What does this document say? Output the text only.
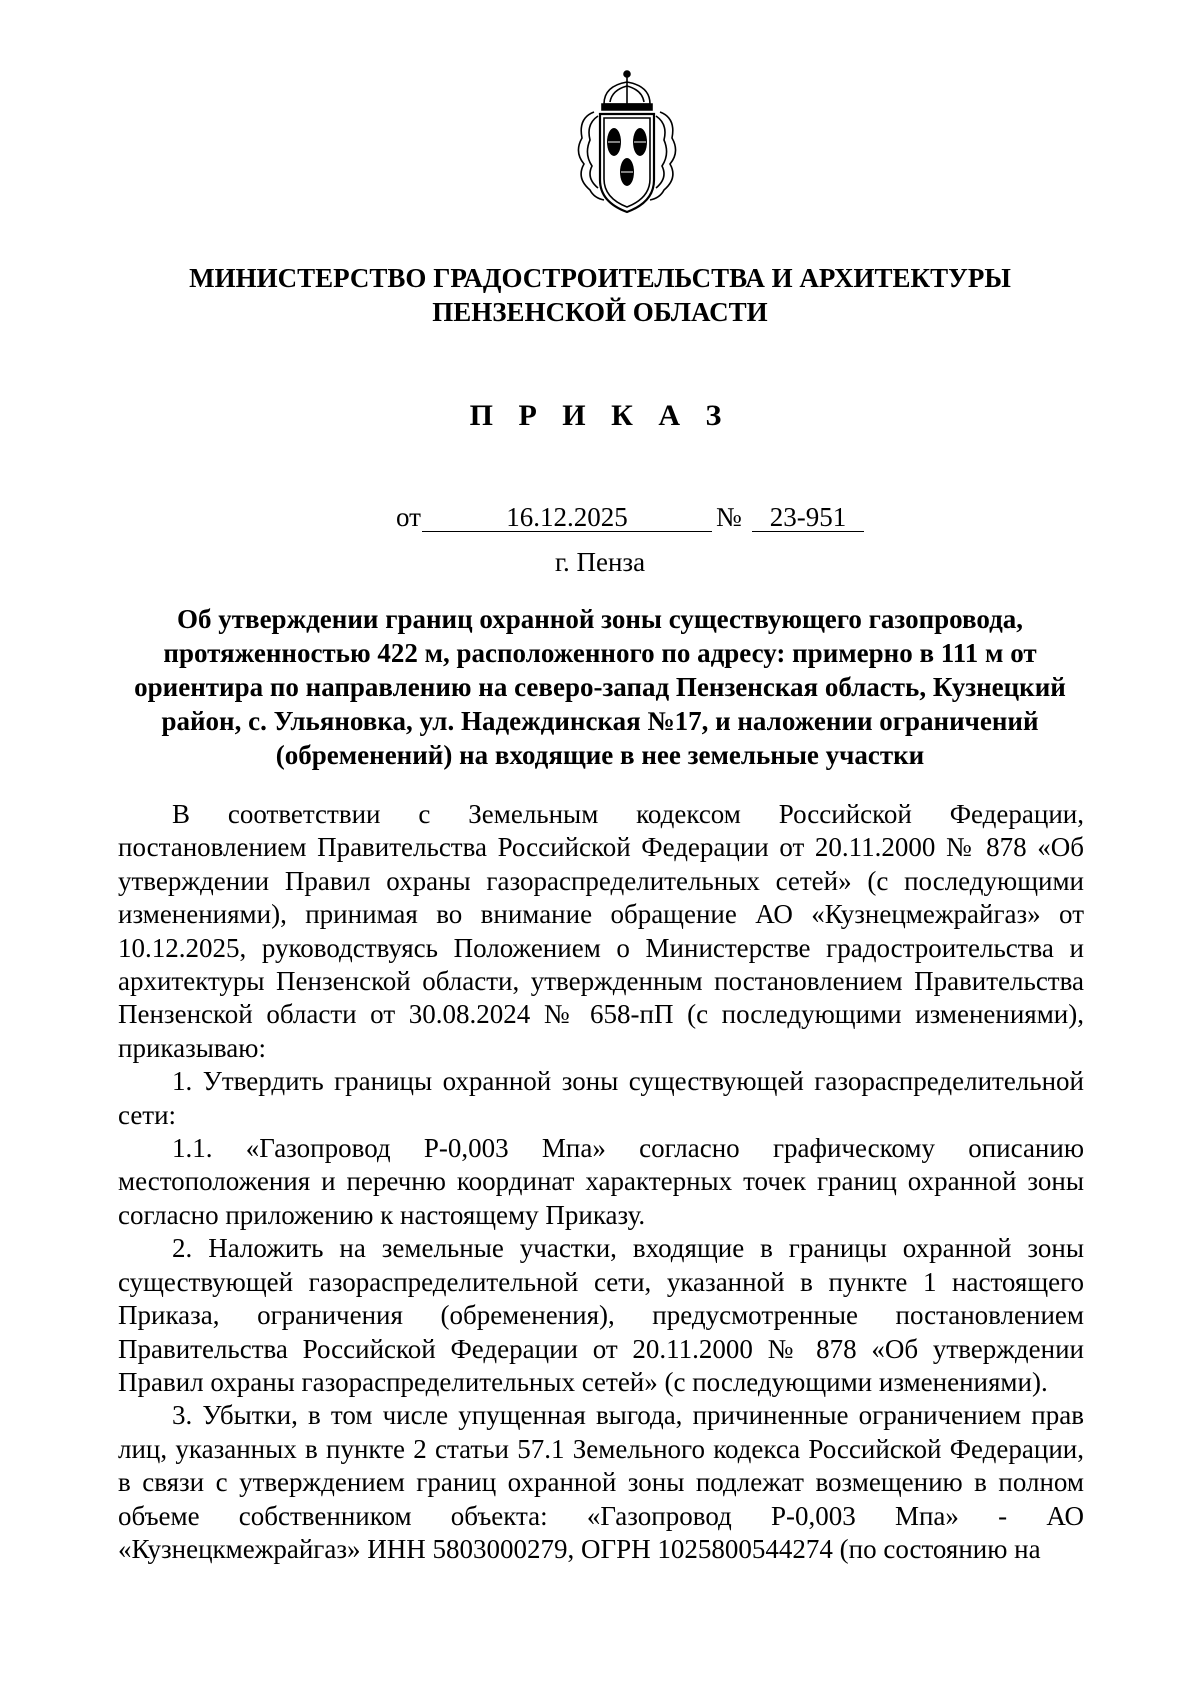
МИНИСТЕРСТВО ГРАДОСТРОИТЕЛЬСТВА И АРХИТЕКТУРЫ
ПЕНЗЕНСКОЙ ОБЛАСТИ
П Р И К А З
от	16.12.2025	№	23-951
г. Пенза
Об утверждении границ охранной зоны существующего газопровода,
протяженностью 422 м, расположенного по адресу: примерно в 111 м от
ориентира по направлению на северо-запад Пензенская область, Кузнецкий
район, с. Ульяновка, ул. Надеждинская №17, и наложении ограничений
(обременений) на входящие в нее земельные участки

В соответствии с Земельным кодексом Российской Федерации, постановлением Правительства Российской Федерации от 20.11.2000 № 878 «Об утверждении Правил охраны газораспределительных сетей» (с последующими изменениями), принимая во внимание обращение АО «Кузнецмежрайгаз» от 10.12.2025, руководствуясь Положением о Министерстве градостроительства и архитектуры Пензенской области, утвержденным постановлением Правительства Пензенской области от 30.08.2024 № 658-пП (с последующими изменениями), приказываю:

1. Утвердить границы охранной зоны существующей газораспределительной сети:

1.1. «Газопровод Р-0,003 Мпа» согласно графическому описанию местоположения и перечню координат характерных точек границ охранной зоны согласно приложению к настоящему Приказу.

2. Наложить на земельные участки, входящие в границы охранной зоны существующей газораспределительной сети, указанной в пункте 1 настоящего Приказа, ограничения (обременения), предусмотренные постановлением Правительства Российской Федерации от 20.11.2000 № 878 «Об утверждении Правил охраны газораспределительных сетей» (с последующими изменениями).

3. Убытки, в том числе упущенная выгода, причиненные ограничением прав лиц, указанных в пункте 2 статьи 57.1 Земельного кодекса Российской Федерации, в связи с утверждением границ охранной зоны подлежат возмещению в полном объеме собственником объекта: «Газопровод Р-0,003 Мпа» - АО «Кузнецкмежрайгаз» ИНН 5803000279, ОГРН 1025800544274 (по состоянию на
